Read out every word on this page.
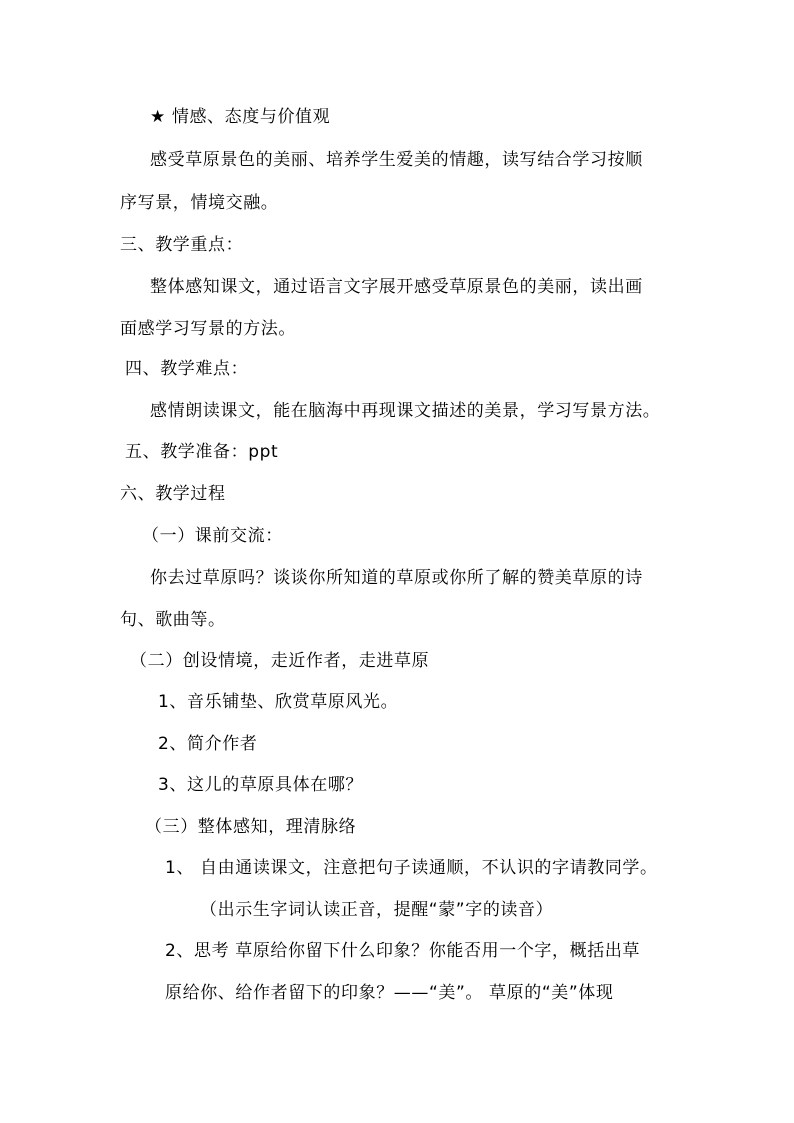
★ 情感、态度与价值观
感受草原景色的美丽、培养学生爱美的情趣，读写结合学习按顺
序写景，情境交融。
三、教学重点：
整体感知课文，通过语言文字展开感受草原景色的美丽，读出画
面感学习写景的方法。
四、教学难点：
感情朗读课文，能在脑海中再现课文描述的美景，学习写景方法。
五、教学准备：ppt
六、教学过程
（一）课前交流：
你去过草原吗？谈谈你所知道的草原或你所了解的赞美草原的诗
句、歌曲等。
（二）创设情境，走近作者，走进草原
1、音乐铺垫、欣赏草原风光。
2、简介作者
3、这儿的草原具体在哪？
（三）整体感知，理清脉络
1、 自由通读课文，注意把句子读通顺，不认识的字请教同学。
（出示生字词认读正音，提醒“蒙”字的读音）
2、思考 草原给你留下什么印象？你能否用一个字，概括出草
原给你、给作者留下的印象？——“美”。 草原的“美”体现
